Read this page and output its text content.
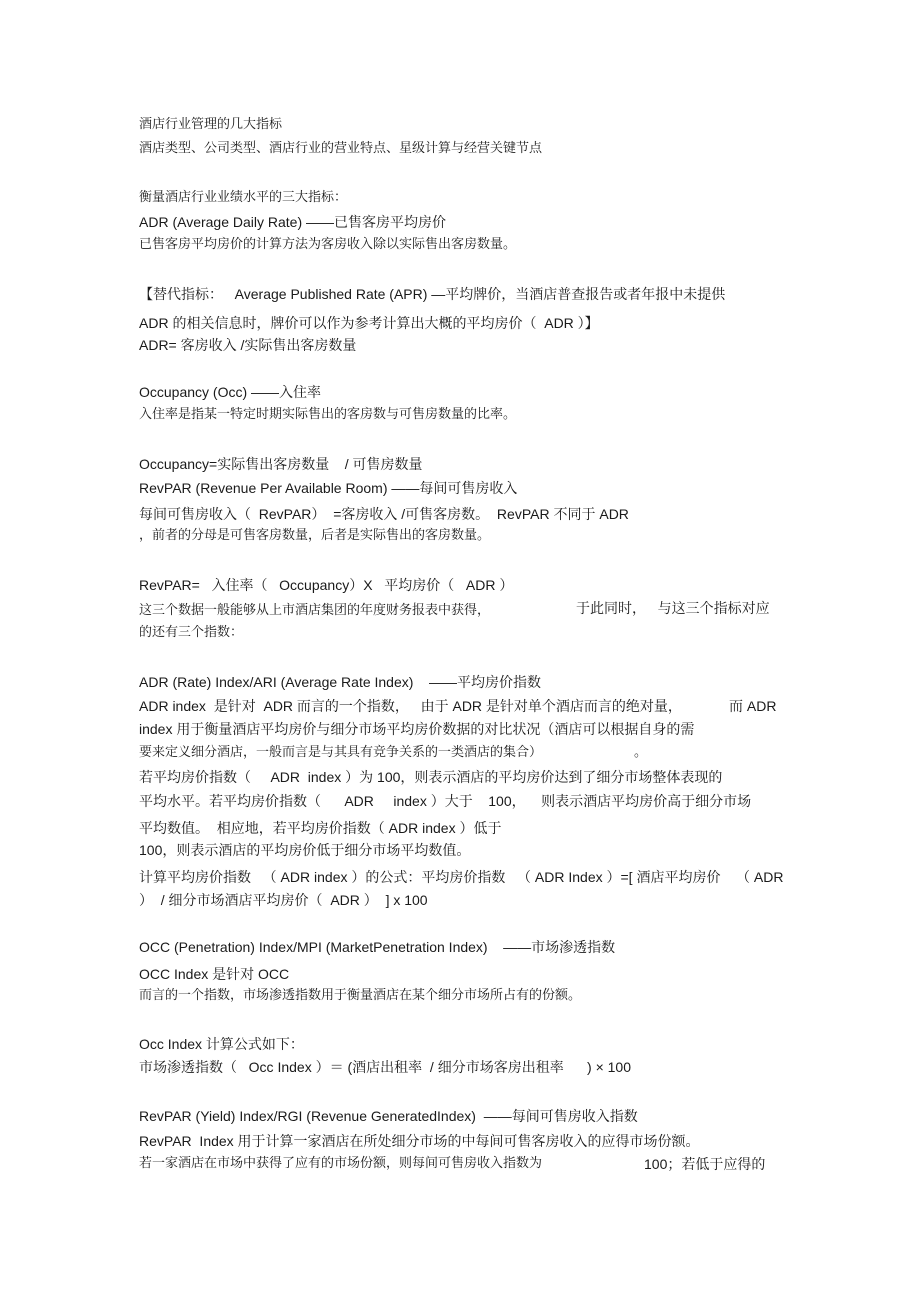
酒店行业管理的几大指标
酒店类型、公司类型、酒店行业的营业特点、星级计算与经营关键节点
衡量酒店行业业绩水平的三大指标：
ADR (Average Daily Rate) ——已售客房平均房价
已售客房平均房价的计算方法为客房收入除以实际售出客房数量。
【替代指标：   Average Published Rate (APR) —平均牌价，当酒店普查报告或者年报中未提供
ADR 的相关信息时，牌价可以作为参考计算出大概的平均房价（  ADR ）】
ADR= 客房收入 /实际售出客房数量
Occupancy (Occ) ——入住率
入住率是指某一特定时期实际售出的客房数与可售房数量的比率。
Occupancy=实际售出客房数量    / 可售房数量
RevPAR (Revenue Per Available Room) ——每间可售房收入
每间可售房收入（  RevPAR）  =客房收入 /可售客房数。  RevPAR 不同于 ADR
，前者的分母是可售客房数量，后者是实际售出的客房数量。
RevPAR=   入住率（   Occupancy）X   平均房价（   ADR ）
这三个数据一般能够从上市酒店集团的年度财务报表中获得，	于此同时，   与这三个指标对应
的还有三个指数：
ADR (Rate) Index/ARI (Average Rate Index)    ——平均房价指数
ADR index  是针对  ADR 而言的一个指数，   由于 ADR 是针对单个酒店而言的绝对量，	而 ADR
index 用于衡量酒店平均房价与细分市场平均房价数据的对比状况（酒店可以根据自身的需
要来定义细分酒店，一般而言是与其具有竞争关系的一类酒店的集合）	。
若平均房价指数（     ADR  index ）为 100，则表示酒店的平均房价达到了细分市场整体表现的
平均水平。若平均房价指数（      ADR     index ）大于    100，    则表示酒店平均房价高于细分市场
平均数值。  相应地，若平均房价指数（ ADR index ）低于
100，则表示酒店的平均房价低于细分市场平均数值。
计算平均房价指数   （ ADR index ）的公式：平均房价指数   （ ADR Index ）=[ 酒店平均房价    （ ADR
）  / 细分市场酒店平均房价（  ADR ）  ] x 100
OCC (Penetration) Index/MPI (MarketPenetration Index)    ——市场渗透指数
OCC Index 是针对 OCC
而言的一个指数，市场渗透指数用于衡量酒店在某个细分市场所占有的份额。
Occ Index 计算公式如下：
市场渗透指数（   Occ Index ）＝ (酒店出租率  / 细分市场客房出租率      ) × 100
RevPAR (Yield) Index/RGI (Revenue GeneratedIndex)  ——每间可售房收入指数
RevPAR  Index 用于计算一家酒店在所处细分市场的中每间可售客房收入的应得市场份额。
若一家酒店在市场中获得了应有的市场份额，则每间可售房收入指数为	100；若低于应得的
